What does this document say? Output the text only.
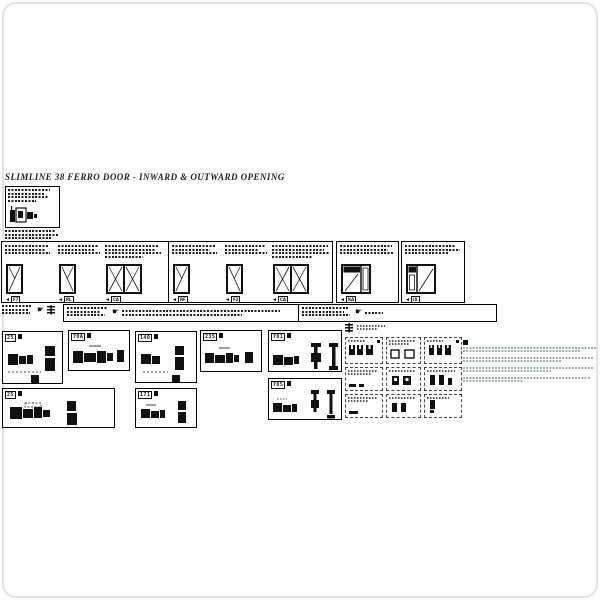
SLIMLINE 38 FERRO DOOR - INWARD & OUTWARD OPENING
◄ F7	◄ RL	◄ CA	◄ RF	◄ F2	◄ CA	◄ KA	◄ IX
☛	☛	☛
25	70A	140	235	781
25	171
785
